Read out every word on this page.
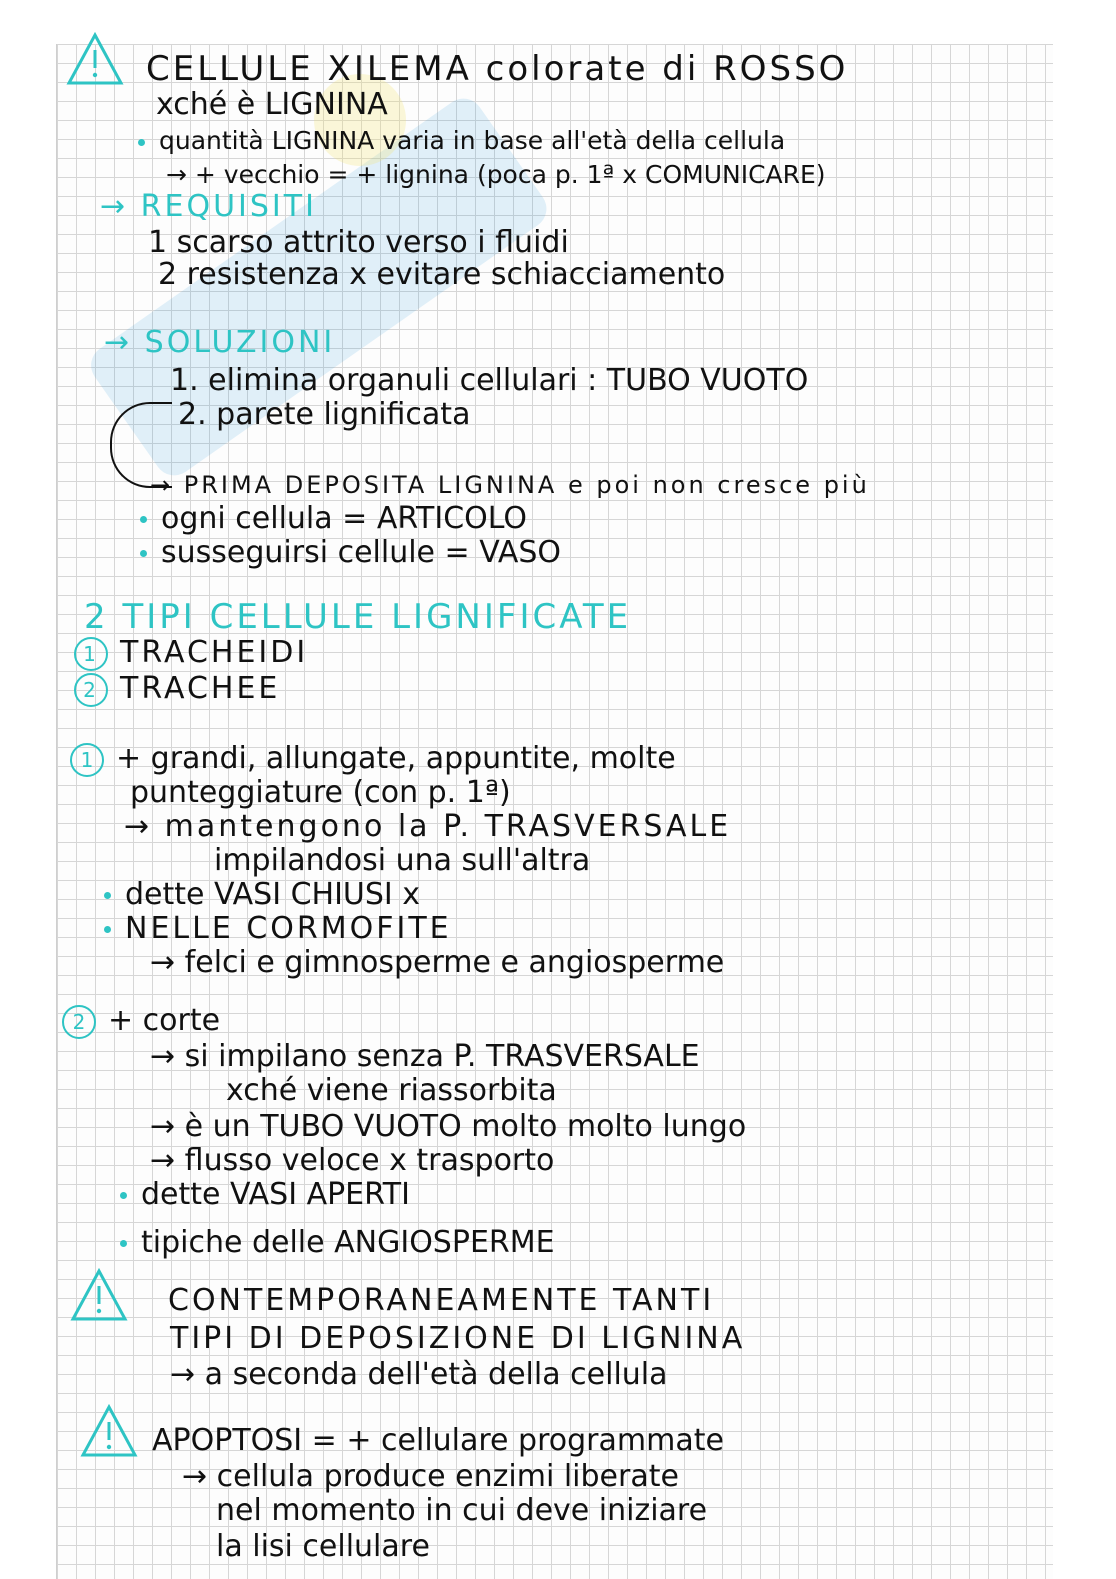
CELLULE XILEMA colorate di ROSSO
xché è LIGNINA
quantità LIGNINA varia in base all'età della cellula
→ + vecchio = + lignina (poca p. 1ª x COMUNICARE)
→ REQUISITI
1 scarso attrito verso i fluidi
2 resistenza x evitare schiacciamento
→ SOLUZIONI
1. elimina organuli cellulari : TUBO VUOTO
2. parete lignificata
→ PRIMA DEPOSITA LIGNINA e poi non cresce più
ogni cellula = ARTICOLO
susseguirsi cellule = VASO
2 TIPI CELLULE LIGNIFICATE
1 TRACHEIDI
2 TRACHEE
1 + grandi, allungate, appuntite, molte
punteggiature (con p. 1ª)
→ mantengono la P. TRASVERSALE
impilandosi una sull'altra
dette VASI CHIUSI x
NELLE CORMOFITE
→ felci e gimnosperme e angiosperme
2 + corte
→ si impilano senza P. TRASVERSALE
xché viene riassorbita
→ è un TUBO VUOTO molto molto lungo
→ flusso veloce x trasporto
dette VASI APERTI
tipiche delle ANGIOSPERME
CONTEMPORANEAMENTE TANTI
TIPI DI DEPOSIZIONE DI LIGNINA
→ a seconda dell'età della cellula
APOPTOSI = + cellulare programmate
→ cellula produce enzimi liberate
nel momento in cui deve iniziare
la lisi cellulare
